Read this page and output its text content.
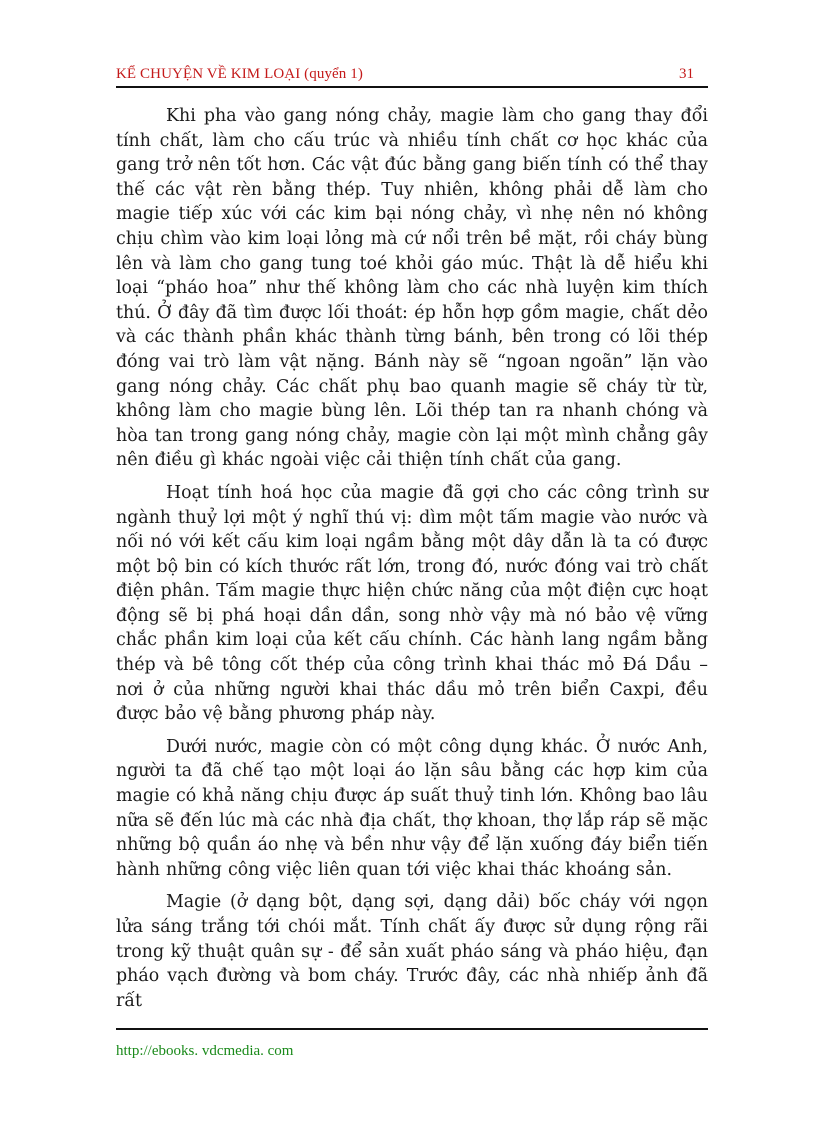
KỂ CHUYỆN VỀ KIM LOẠI (quyển 1)	31

Khi pha vào gang nóng chảy, magie làm cho gang thay đổi tính chất, làm cho cấu trúc và nhiều tính chất cơ học khác của gang trở nên tốt hơn. Các vật đúc bằng gang biến tính có thể thay thế các vật rèn bằng thép. Tuy nhiên, không phải dễ làm cho magie tiếp xúc với các kim bại nóng chảy, vì nhẹ nên nó không chịu chìm vào kim loại lỏng mà cứ nổi trên bề mặt, rồi cháy bùng lên và làm cho gang tung toé khỏi gáo múc. Thật là dễ hiểu khi loại “pháo hoa” như thế không làm cho các nhà luyện kim thích thú. Ở đây đã tìm được lối thoát: ép hỗn hợp gồm magie, chất dẻo và các thành phần khác thành từng bánh, bên trong có lõi thép đóng vai trò làm vật nặng. Bánh này sẽ “ngoan ngoãn” lặn vào gang nóng chảy. Các chất phụ bao quanh magie sẽ cháy từ từ, không làm cho magie bùng lên. Lõi thép tan ra nhanh chóng và hòa tan trong gang nóng chảy, magie còn lại một mình chẳng gây nên điều gì khác ngoài việc cải thiện tính chất của gang.

Hoạt tính hoá học của magie đã gợi cho các công trình sư ngành thuỷ lợi một ý nghĩ thú vị: dìm một tấm magie vào nước và nối nó với kết cấu kim loại ngầm bằng một dây dẫn là ta có được một bộ bin có kích thước rất lớn, trong đó, nước đóng vai trò chất điện phân. Tấm magie thực hiện chức năng của một điện cực hoạt động sẽ bị phá hoại dần dần, song nhờ vậy mà nó bảo vệ vững chắc phần kim loại của kết cấu chính. Các hành lang ngầm bằng thép và bê tông cốt thép của công trình khai thác mỏ Đá Dầu – nơi ở của những người khai thác dầu mỏ trên biển Caxpi, đều được bảo vệ bằng phương pháp này.

Dưới nước, magie còn có một công dụng khác. Ở nước Anh, người ta đã chế tạo một loại áo lặn sâu bằng các hợp kim của magie có khả năng chịu được áp suất thuỷ tinh lớn. Không bao lâu nữa sẽ đến lúc mà các nhà địa chất, thợ khoan, thợ lắp ráp sẽ mặc những bộ quần áo nhẹ và bền như vậy để lặn xuống đáy biển tiến hành những công việc liên quan tới việc khai thác khoáng sản.

Magie (ở dạng bột, dạng sợi, dạng dải) bốc cháy với ngọn lửa sáng trắng tới chói mắt. Tính chất ấy được sử dụng rộng rãi trong kỹ thuật quân sự - để sản xuất pháo sáng và pháo hiệu, đạn pháo vạch đường và bom cháy. Trước đây, các nhà nhiếp ảnh đã rất

http://ebooks. vdcmedia. com
